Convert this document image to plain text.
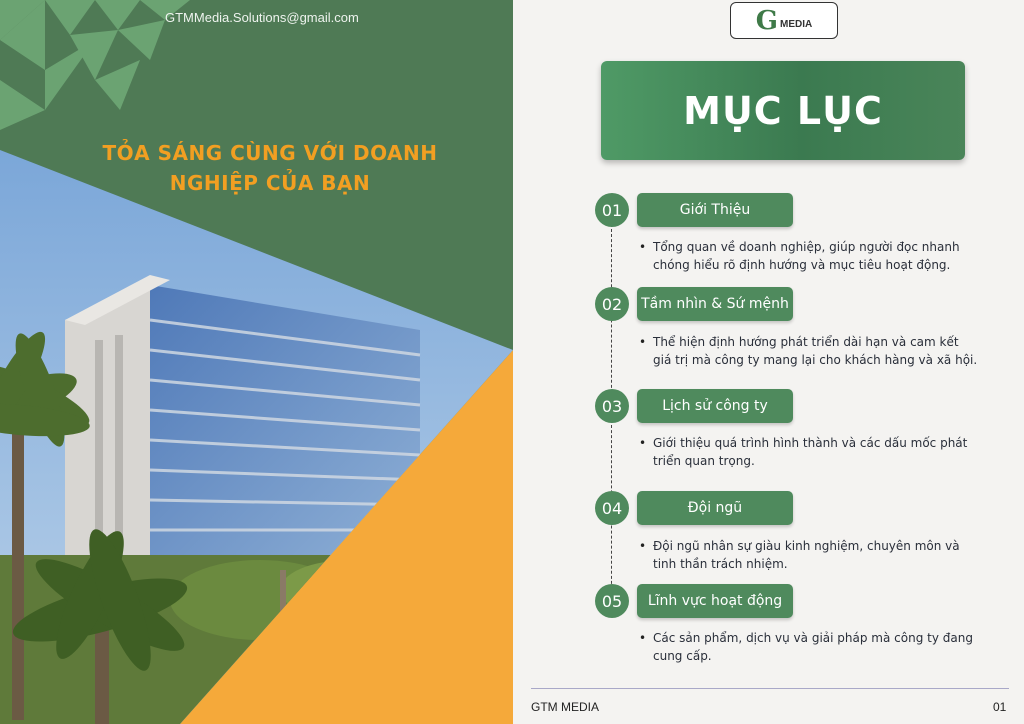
GTMMedia.Solutions@gmail.com
TỎA SÁNG CÙNG VỚI DOANH NGHIỆP CỦA BẠN
G MEDIA
MỤC LỤC
01	Giới Thiệu
• Tổng quan về doanh nghiệp, giúp người đọc nhanh chóng hiểu rõ định hướng và mục tiêu hoạt động.
02	Tầm nhìn & Sứ mệnh
• Thể hiện định hướng phát triển dài hạn và cam kết giá trị mà công ty mang lại cho khách hàng và xã hội.
03	Lịch sử công ty
• Giới thiệu quá trình hình thành và các dấu mốc phát triển quan trọng.
04	Đội ngũ
• Đội ngũ nhân sự giàu kinh nghiệm, chuyên môn và tinh thần trách nhiệm.
05	Lĩnh vực hoạt động
• Các sản phẩm, dịch vụ và giải pháp mà công ty đang cung cấp.
GTM MEDIA	01
